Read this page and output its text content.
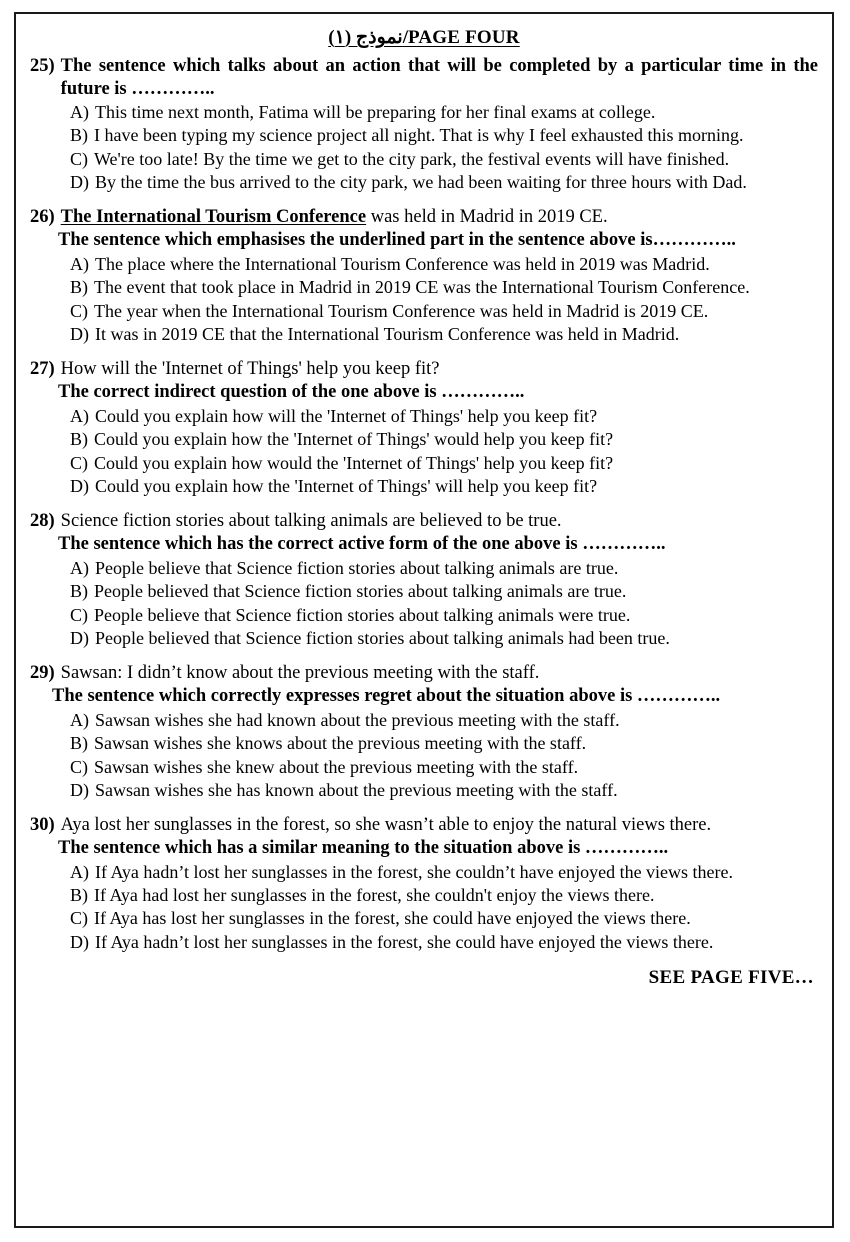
نموذج (١)/PAGE FOUR
25) The sentence which talks about an action that will be completed by a particular time in the future is …………..
A) This time next month, Fatima will be preparing for her final exams at college.
B) I have been typing my science project all night. That is why I feel exhausted this morning.
C) We're too late! By the time we get to the city park, the festival events will have finished.
D) By the time the bus arrived to the city park, we had been waiting for three hours with Dad.
26) The International Tourism Conference was held in Madrid in 2019 CE.
The sentence which emphasises the underlined part in the sentence above is…………..
A) The place where the International Tourism Conference was held in 2019 was Madrid.
B) The event that took place in Madrid in 2019 CE was the International Tourism Conference.
C) The year when the International Tourism Conference was held in Madrid is 2019 CE.
D) It was in 2019 CE that the International Tourism Conference was held in Madrid.
27) How will the 'Internet of Things' help you keep fit?
The correct indirect question of the one above is …………..
A) Could you explain how will the 'Internet of Things' help you keep fit?
B) Could you explain how the 'Internet of Things' would help you keep fit?
C) Could you explain how would the 'Internet of Things' help you keep fit?
D) Could you explain how the 'Internet of Things' will help you keep fit?
28) Science fiction stories about talking animals are believed to be true.
The sentence which has the correct active form of the one above is …………..
A) People believe that Science fiction stories about talking animals are true.
B) People believed that Science fiction stories about talking animals are true.
C) People believe that Science fiction stories about talking animals were true.
D) People believed that Science fiction stories about talking animals had been true.
29) Sawsan: I didn’t know about the previous meeting with the staff.
The sentence which correctly expresses regret about the situation above is …………..
A) Sawsan wishes she had known about the previous meeting with the staff.
B) Sawsan wishes she knows about the previous meeting with the staff.
C) Sawsan wishes she knew about the previous meeting with the staff.
D) Sawsan wishes she has known about the previous meeting with the staff.
30) Aya lost her sunglasses in the forest, so she wasn’t able to enjoy the natural views there.
The sentence which has a similar meaning to the situation above is …………..
A) If Aya hadn’t lost her sunglasses in the forest, she couldn’t have enjoyed the views there.
B) If Aya had lost her sunglasses in the forest, she couldn't enjoy the views there.
C) If Aya has lost her sunglasses in the forest, she could have enjoyed the views there.
D) If Aya hadn’t lost her sunglasses in the forest, she could have enjoyed the views there.
SEE PAGE FIVE…
